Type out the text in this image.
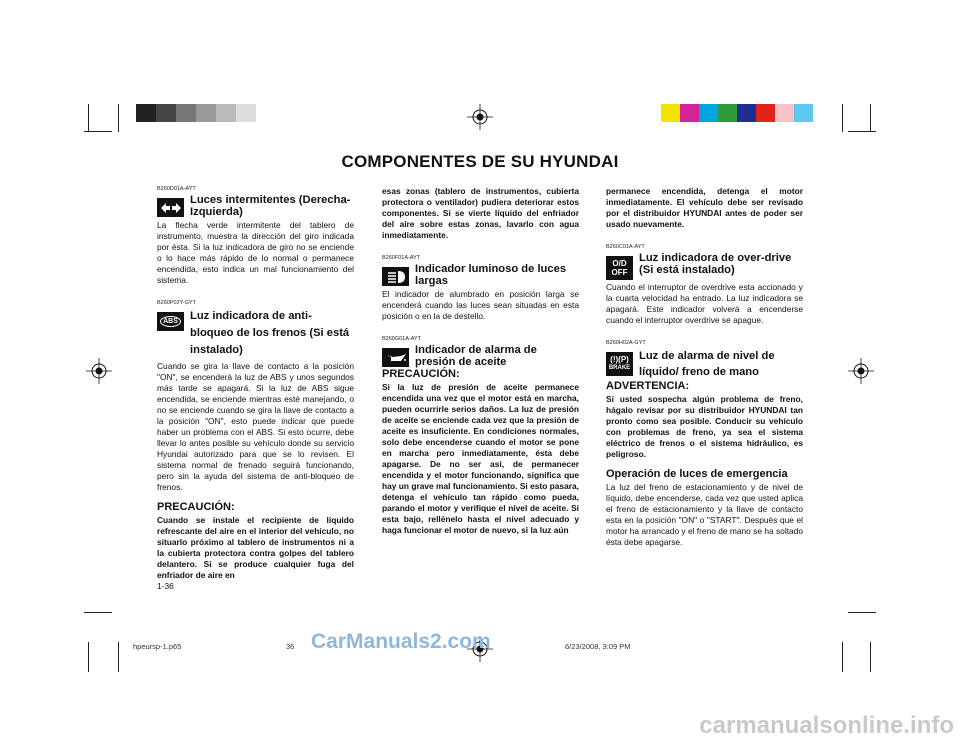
COMPONENTES DE SU HYUNDAI
B260D01A-AYT
Luces intermitentes (Derecha-Izquierda)

La flecha verde intermitente del tablero de instrumento, muestra la dirección del giro indicada por ésta. Si la luz indicadora de giro no se enciende o lo hace más rápido de lo normal o permanece encendida, esto indica un mal funcionamiento del sistema.

B260P02Y-GYT
ABS Luz indicadora de anti- bloqueo de los frenos (Si está instalado)

Cuando se gira la llave de contacto a la posición "ON", se encenderá la luz de ABS y unos segundos más tarde se apagará. Si la luz de ABS sigue encendida, se enciende mientras esté manejando, o no se enciende cuando se gira la llave de contacto a la posición "ON", esto puede indicar que puede haber un problema con el ABS. Si esto ocurre, debe llevar lo antes posible su vehículo donde su servicio Hyundai autorizado para que se lo revisen. El sistema normal de frenado seguirá funcionando, pero sin la ayuda del sistema de anti-bloqueo de frenos.

PRECAUCIÓN:

Cuando se instale el recipiente de líquido refrescante del aire en el interior del vehículo, no situarlo próximo al tablero de instrumentos ni a la cubierta protectora contra golpes del tablero delantero. Si se produce cualquier fuga del enfriador de aire en

1-36

esas zonas (tablero de instrumentos, cubierta protectora o ventilador) pudiera deteriorar estos componentes. Si se vierte líquido del enfriador del aire sobre estas zonas, lavarlo con agua inmediatamente.

B260F01A-AYT
Indicador luminoso de luces largas

El indicador de alumbrado en posición larga se encenderá cuando las luces sean situadas en esta posición o en la de destello.

B260G01A-AYT
Indicador de alarma de presión de aceite
PRECAUCIÓN:

Si la luz de presión de aceite permanece encendida una vez que el motor está en marcha, pueden ocurrirle serios daños. La luz de presión de aceite se enciende cada vez que la presión de aceite es insuficiente. En condiciones normales, solo debe encenderse cuando el motor se pone en marcha pero inmediatamente, ésta debe apagarse. De no ser así, de permanecer encendida y el motor funcionando, significa que hay un grave mal funcionamiento. Si esto pasara, detenga el vehículo tan rápido como pueda, parando el motor y verifique el nivel de aceite. Si esta bajo, rellénelo hasta el nivel adecuado y haga funcionar el motor de nuevo, si la luz aún

permanece encendida, detenga el motor inmediatamente. El vehículo debe ser revisado por el distribuidor HYUNDAI antes de poder ser usado nuevamente.

B260C01A-AYT
O/D
OFF
Luz indicadora de over-drive (Si está instalado)

Cuando el interruptor de overdrive esta accionado y la cuarta velocidad ha entrado. La luz indicadora se apagará. Este indicador volverá a encenderse cuando el interruptor overdrive se apague.

B260H02A-GYT
(!)(P)
BRAKE
Luz de alarma de nivel de líquido/ freno de mano
ADVERTENCIA:

Si usted sospecha algún problema de freno, hágalo revisar por su distribuidor HYUNDAI tan pronto como sea posible. Conducir su vehículo con problemas de freno, ya sea el sistema eléctrico de frenos o el sistema hidráulico, es peligroso.

Operación de luces de emergencia

La luz del freno de estacionamiento y de nivel de líquido, debe encenderse, cada vez que usted aplica el freno de estacionamiento y la llave de contacto esta en la posición "ON" o "START". Después que el motor ha arrancado y el freno de mano se ha soltado ésta debe apagarse.

hpeursp-1.p65	36	6/23/2008, 3:09 PM
CarManuals2.com
carmanualsonline.info
